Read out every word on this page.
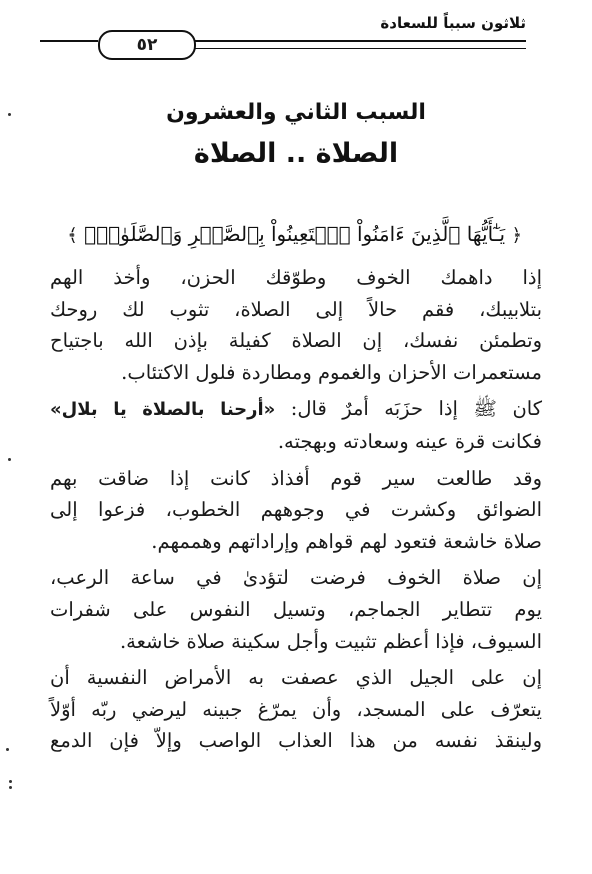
ثلاثون سبباً للسعادة
٥٢
السبب الثاني والعشرون
الصلاة .. الصلاة
﴿ يَـٰٓأَيُّهَا ٱلَّذِينَ ءَامَنُواْ ٱسۡتَعِينُواْ بِٱلصَّبۡرِ وَٱلصَّلَوٰةِۚ ﴾

إذا داهمك الخوف وطوّقك الحزن، وأخذ الهم
بتلابيبك، فقم حالاً إلى الصلاة، تثوب لك روحك
وتطمئن نفسك، إن الصلاة كفيلة بإذن الله باجتياح
مستعمرات الأحزان والغموم ومطاردة فلول الاكتئاب.

كان ﷺ إذا حزَبَه أمرٌ قال: «أرحنا بالصلاة يا بلال»
فكانت قرة عينه وسعادته وبهجته.

وقد طالعت سير قوم أفذاذ كانت إذا ضاقت بهم
الضوائق وكشرت في وجوههم الخطوب، فزعوا إلى
صلاة خاشعة فتعود لهم قواهم وإراداتهم وهممهم.

إن صلاة الخوف فرضت لتؤدىٰ في ساعة الرعب،
يوم تتطاير الجماجم، وتسيل النفوس على شفرات
السيوف، فإذا أعظم تثبيت وأجل سكينة صلاة خاشعة.

إن على الجيل الذي عصفت به الأمراض النفسية أن
يتعرّف على المسجد، وأن يمرّغ جبينه ليرضي ربّه أوّلاً
ولينقذ نفسه من هذا العذاب الواصب وإلاّ فإن الدمع
